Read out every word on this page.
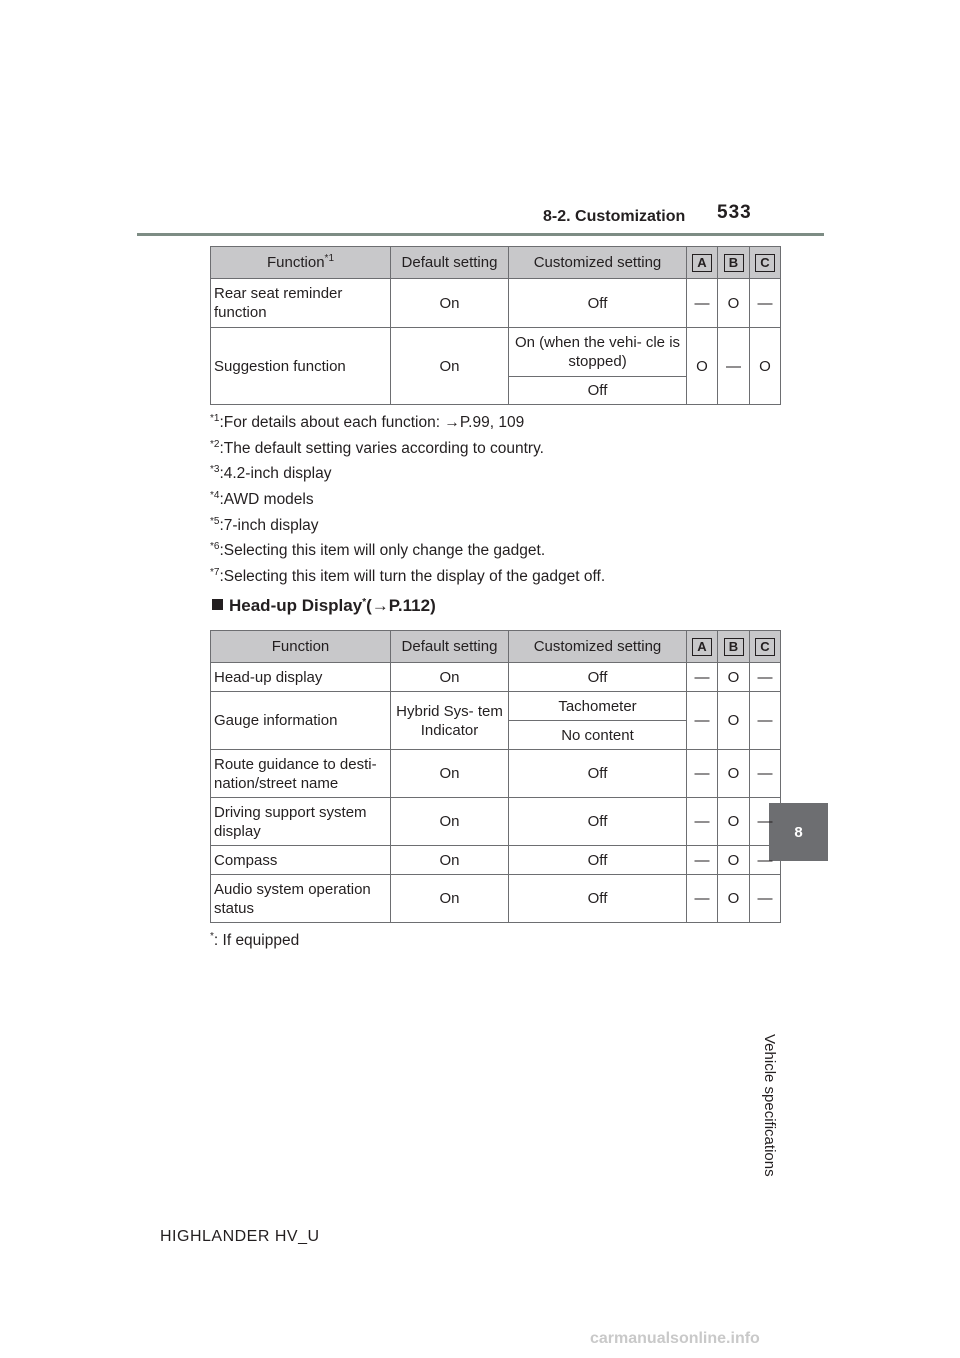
8-2. Customization 533
8
Vehicle specifications
Function$^{*1}$	Default setting	Customized setting	A	B	C
Rear seat reminder function	On	Off	—	O	—
Suggestion function	On	On (when the vehi- cle is stopped)	O	—	O
		Off			
$^{*1}$:For details about each function: →P.99, 109
$^{*2}$:The default setting varies according to country.
$^{*3}$:4.2-inch display
$^{*4}$:AWD models
$^{*5}$:7-inch display
$^{*6}$:Selecting this item will only change the gadget.
$^{*7}$:Selecting this item will turn the display of the gadget off.
Head-up Display*(→P.112)
Function	Default setting	Customized setting	A	B	C
Head-up display	On	Off	—	O	—
Gauge information	Hybrid Sys- tem Indicator	Tachometer	—	O	—
		No content			
Route guidance to desti- nation/street name	On	Off	—	O	—
Driving support system display	On	Off	—	O	—
Compass	On	Off	—	O	—
Audio system operation status	On	Off	—	O	—
*: If equipped
HIGHLANDER HV_U
carmanualsonline.info
